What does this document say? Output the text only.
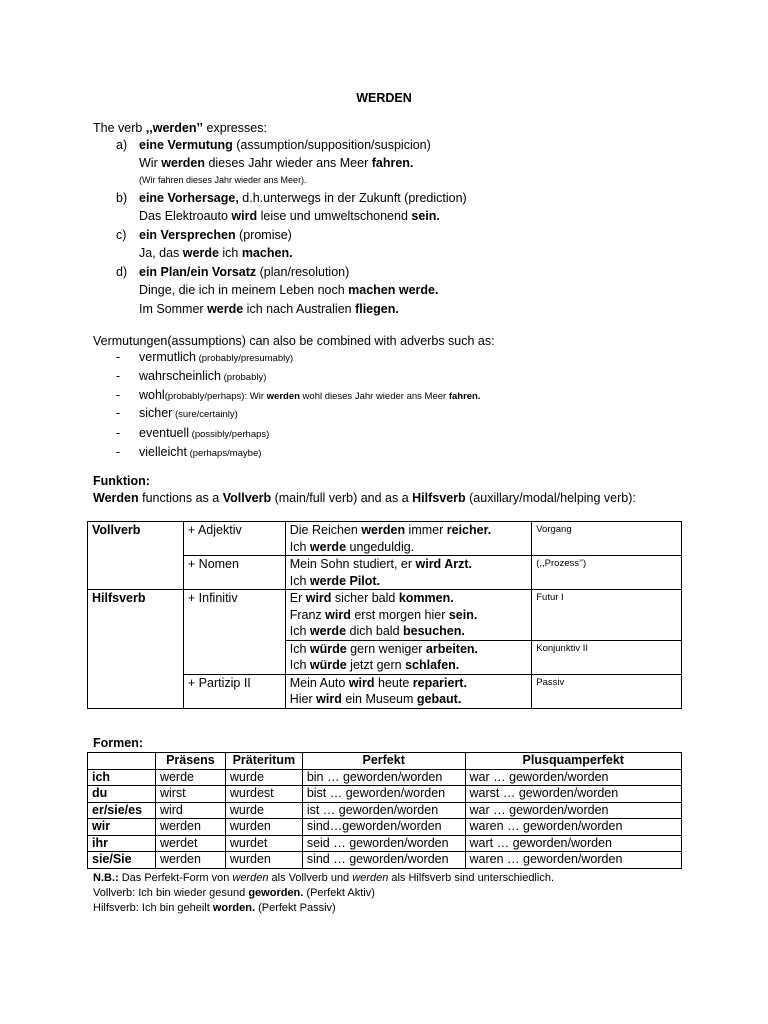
WERDEN
The verb ,,werden’’ expresses:
a) eine Vermutung (assumption/supposition/suspicion)
Wir werden dieses Jahr wieder ans Meer fahren.
(Wir fahren dieses Jahr wieder ans Meer).
b) eine Vorhersage, d.h.unterwegs in der Zukunft (prediction)
Das Elektroauto wird leise und umweltschonend sein.
c) ein Versprechen (promise)
Ja, das werde ich machen.
d) ein Plan/ein Vorsatz (plan/resolution)
Dinge, die ich in meinem Leben noch machen werde.
Im Sommer werde ich nach Australien fliegen.
Vermutungen(assumptions) can also be combined with adverbs such as:
- vermutlich (probably/presumably)
- wahrscheinlich (probably)
- wohl(probably/perhaps): Wir werden wohl dieses Jahr wieder ans Meer fahren.
- sicher (sure/certainly)
- eventuell (possibly/perhaps)
- vielleicht (perhaps/maybe)
Funktion:
Werden functions as a Vollverb (main/full verb) and as a Hilfsverb (auxillary/modal/helping verb):
Vollverb	+ Adjektiv	Die Reichen werden immer reicher.
Ich werde ungeduldig.	Vorgang
	+ Nomen	Mein Sohn studiert, er wird Arzt.
Ich werde Pilot.	(,,Prozess’’)
Hilfsverb	+ Infinitiv	Er wird sicher bald kommen.
Franz wird erst morgen hier sein.
Ich werde dich bald besuchen.	Futur I

		Ich würde gern weniger arbeiten.
Ich würde jetzt gern schlafen.	Konjunktiv II
	+ Partizip II	Mein Auto wird heute repariert.
Hier wird ein Museum gebaut.	Passiv
Formen:
	Präsens	Präteritum	Perfekt	Plusquamperfekt
ich	werde	wurde	bin … geworden/worden	war … geworden/worden
du	wirst	wurdest	bist … geworden/worden	warst … geworden/worden
er/sie/es	wird	wurde	ist … geworden/worden	war … geworden/worden
wir	werden	wurden	sind…geworden/worden	waren … geworden/worden
ihr	werdet	wurdet	seid … geworden/worden	wart … geworden/worden
sie/Sie	werden	wurden	sind … geworden/worden	waren … geworden/worden
N.B.: Das Perfekt-Form von werden als Vollverb und werden als Hilfsverb sind unterschiedlich.
Vollverb: Ich bin wieder gesund geworden. (Perfekt Aktiv)
Hilfsverb: Ich bin geheilt worden. (Perfekt Passiv)
